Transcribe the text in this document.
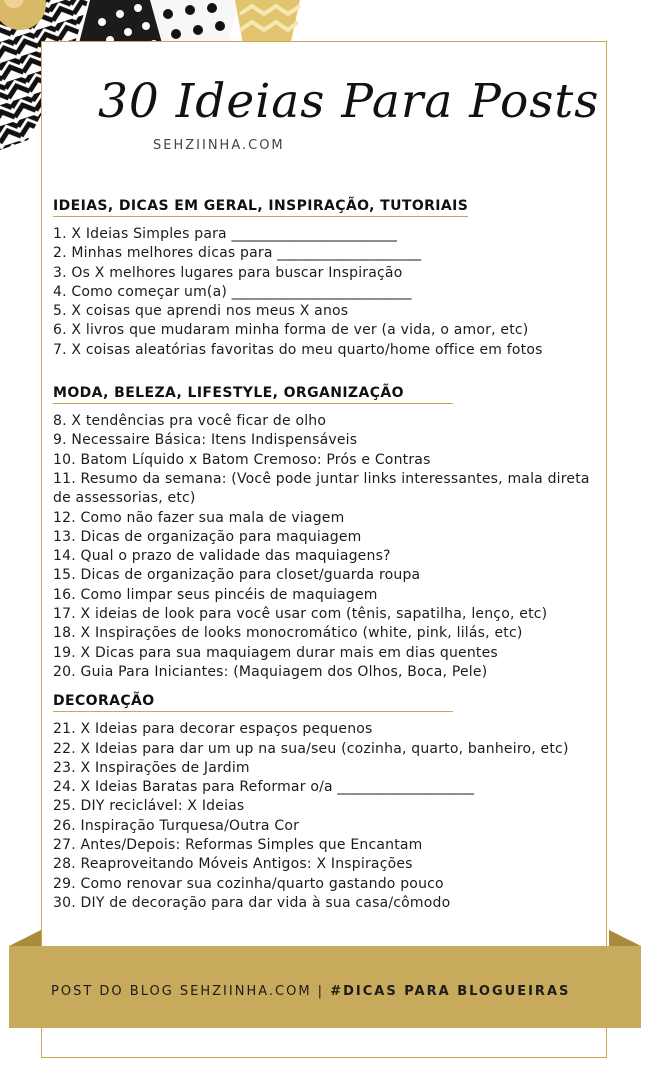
30 Ideias Para Posts
SEHZIINHA.COM
IDEIAS, DICAS EM GERAL, INSPIRAÇÃO, TUTORIAIS
1. X Ideias Simples para _______________________
2. Minhas melhores dicas para ____________________
3. Os X melhores lugares para buscar Inspiração
4. Como começar um(a) _________________________
5. X coisas que aprendi nos meus X anos
6. X livros que mudaram minha forma de ver (a vida, o amor, etc)
7. X coisas aleatórias favoritas do meu quarto/home office em fotos
MODA, BELEZA, LIFESTYLE, ORGANIZAÇÃO
8. X tendências pra você ficar de olho
9. Necessaire Básica: Itens Indispensáveis
10. Batom Líquido x Batom Cremoso: Prós e Contras
11. Resumo da semana: (Você pode juntar links interessantes, mala direta de assessorias, etc)
12. Como não fazer sua mala de viagem
13. Dicas de organização para maquiagem
14. Qual o prazo de validade das maquiagens?
15. Dicas de organização para closet/guarda roupa
16. Como limpar seus pincéis de maquiagem
17. X ideias de look para você usar com (tênis, sapatilha, lenço, etc)
18. X Inspirações de looks monocromático (white, pink, lilás, etc)
19. X Dicas para sua maquiagem durar mais em dias quentes
20. Guia Para Iniciantes: (Maquiagem dos Olhos, Boca, Pele)
DECORAÇÃO
21. X Ideias para decorar espaços pequenos
22. X Ideias para dar um up na sua/seu (cozinha, quarto, banheiro, etc)
23. X Inspirações de Jardim
24. X Ideias Baratas para Reformar o/a ___________________
25. DIY reciclável: X Ideias
26. Inspiração Turquesa/Outra Cor
27. Antes/Depois: Reformas Simples que Encantam
28. Reaproveitando Móveis Antigos: X Inspirações
29. Como renovar sua cozinha/quarto gastando pouco
30. DIY de decoração para dar vida à sua casa/cômodo
POST DO BLOG SEHZIINHA.COM | #DICAS PARA BLOGUEIRAS
